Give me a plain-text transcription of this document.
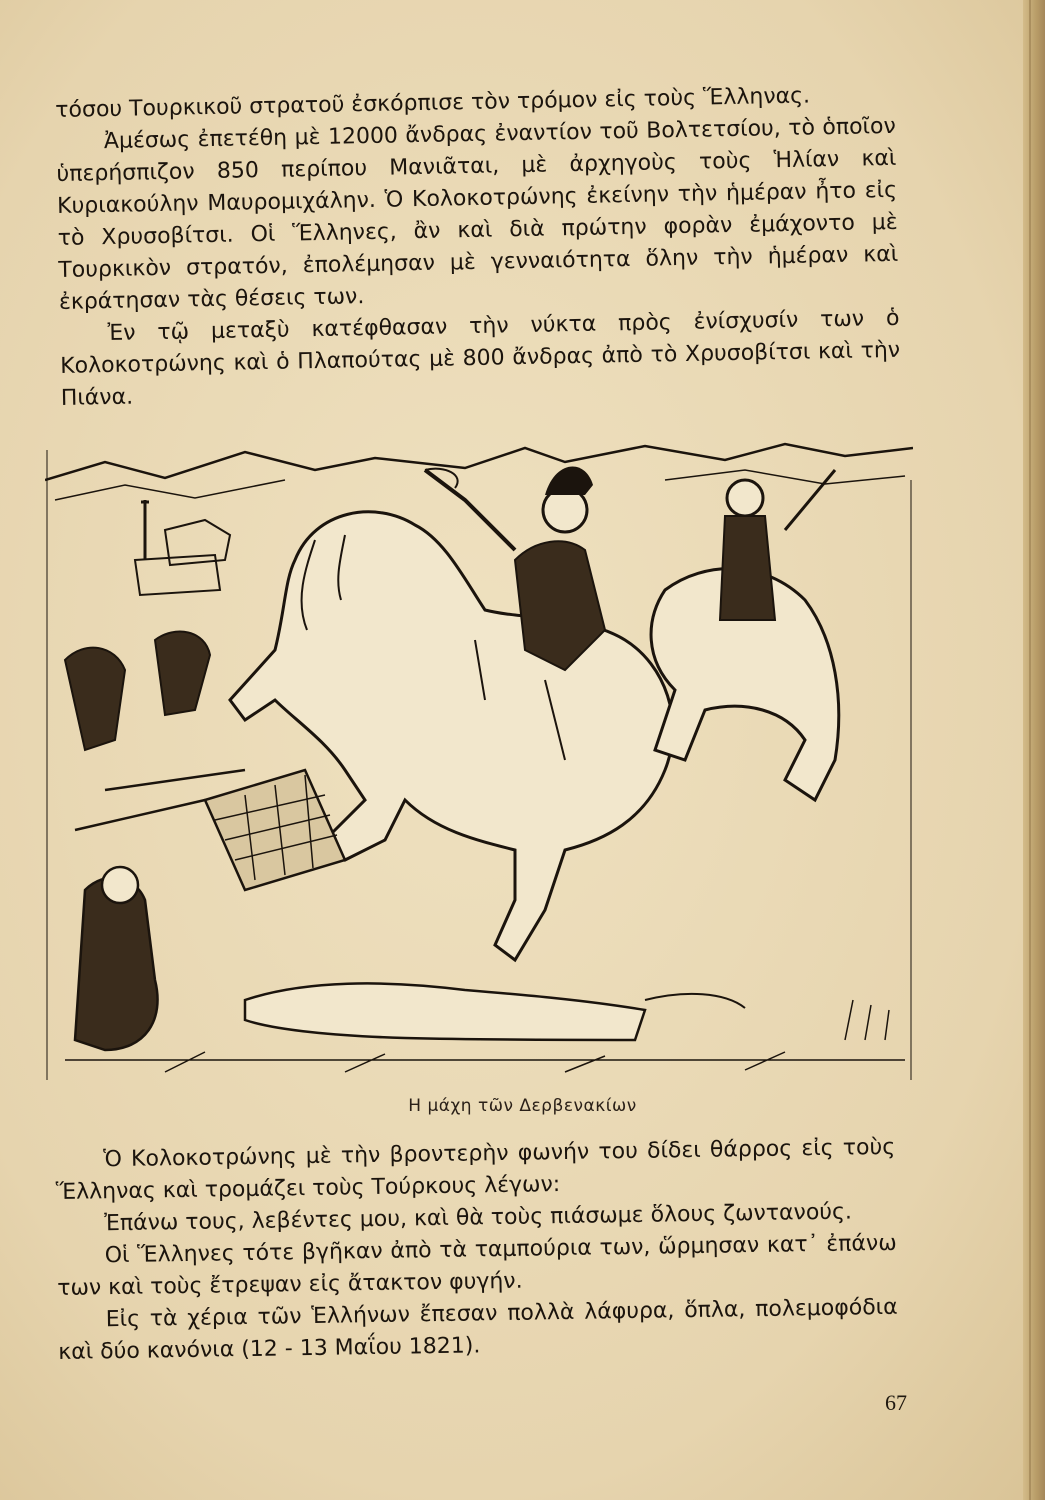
τόσου Τουρκικοῦ στρατοῦ ἐσκόρπισε τὸν τρόμον εἰς τοὺς Ἕλληνας.

Ἀμέσως ἐπετέθη μὲ 12000 ἄνδρας ἐναντίον τοῦ Βολτετσίου, τὸ ὁποῖον ὑπερήσπιζον 850 περίπου Μανιᾶται, μὲ ἀρχηγοὺς τοὺς Ἡλίαν καὶ Κυριακούλην Μαυρομιχάλην. Ὁ Κολοκοτρώνης ἐκείνην τὴν ἡμέραν ἦτο εἰς τὸ Χρυσοβίτσι. Οἱ Ἕλληνες, ἂν καὶ διὰ πρώτην φορὰν ἐμάχοντο μὲ Τουρκικὸν στρατόν, ἐπολέμησαν μὲ γενναιότητα ὅλην τὴν ἡμέραν καὶ ἐκράτησαν τὰς θέσεις των.

Ἐν τῷ μεταξὺ κατέφθασαν τὴν νύκτα πρὸς ἐνίσχυσίν των ὁ Κολοκοτρώνης καὶ ὁ Πλαπούτας μὲ 800 ἄνδρας ἀπὸ τὸ Χρυσοβίτσι καὶ τὴν Πιάνα.

Η μάχη τῶν Δερβενακίων

Ὁ Κολοκοτρώνης μὲ τὴν βροντερὴν φωνήν του δίδει θάρρος εἰς τοὺς Ἕλληνας καὶ τρομάζει τοὺς Τούρκους λέγων:

Ἐπάνω τους, λεβέντες μου, καὶ θὰ τοὺς πιάσωμε ὅλους ζωντανούς.

Οἱ Ἕλληνες τότε βγῆκαν ἀπὸ τὰ ταμπούρια των, ὥρμησαν κατ᾽ ἐπάνω των καὶ τοὺς ἔτρεψαν εἰς ἄτακτον φυγήν.

Εἰς τὰ χέρια τῶν Ἑλλήνων ἔπεσαν πολλὰ λάφυρα, ὅπλα, πολεμοφόδια καὶ δύο κανόνια (12 - 13 Μαΐου 1821).

67
